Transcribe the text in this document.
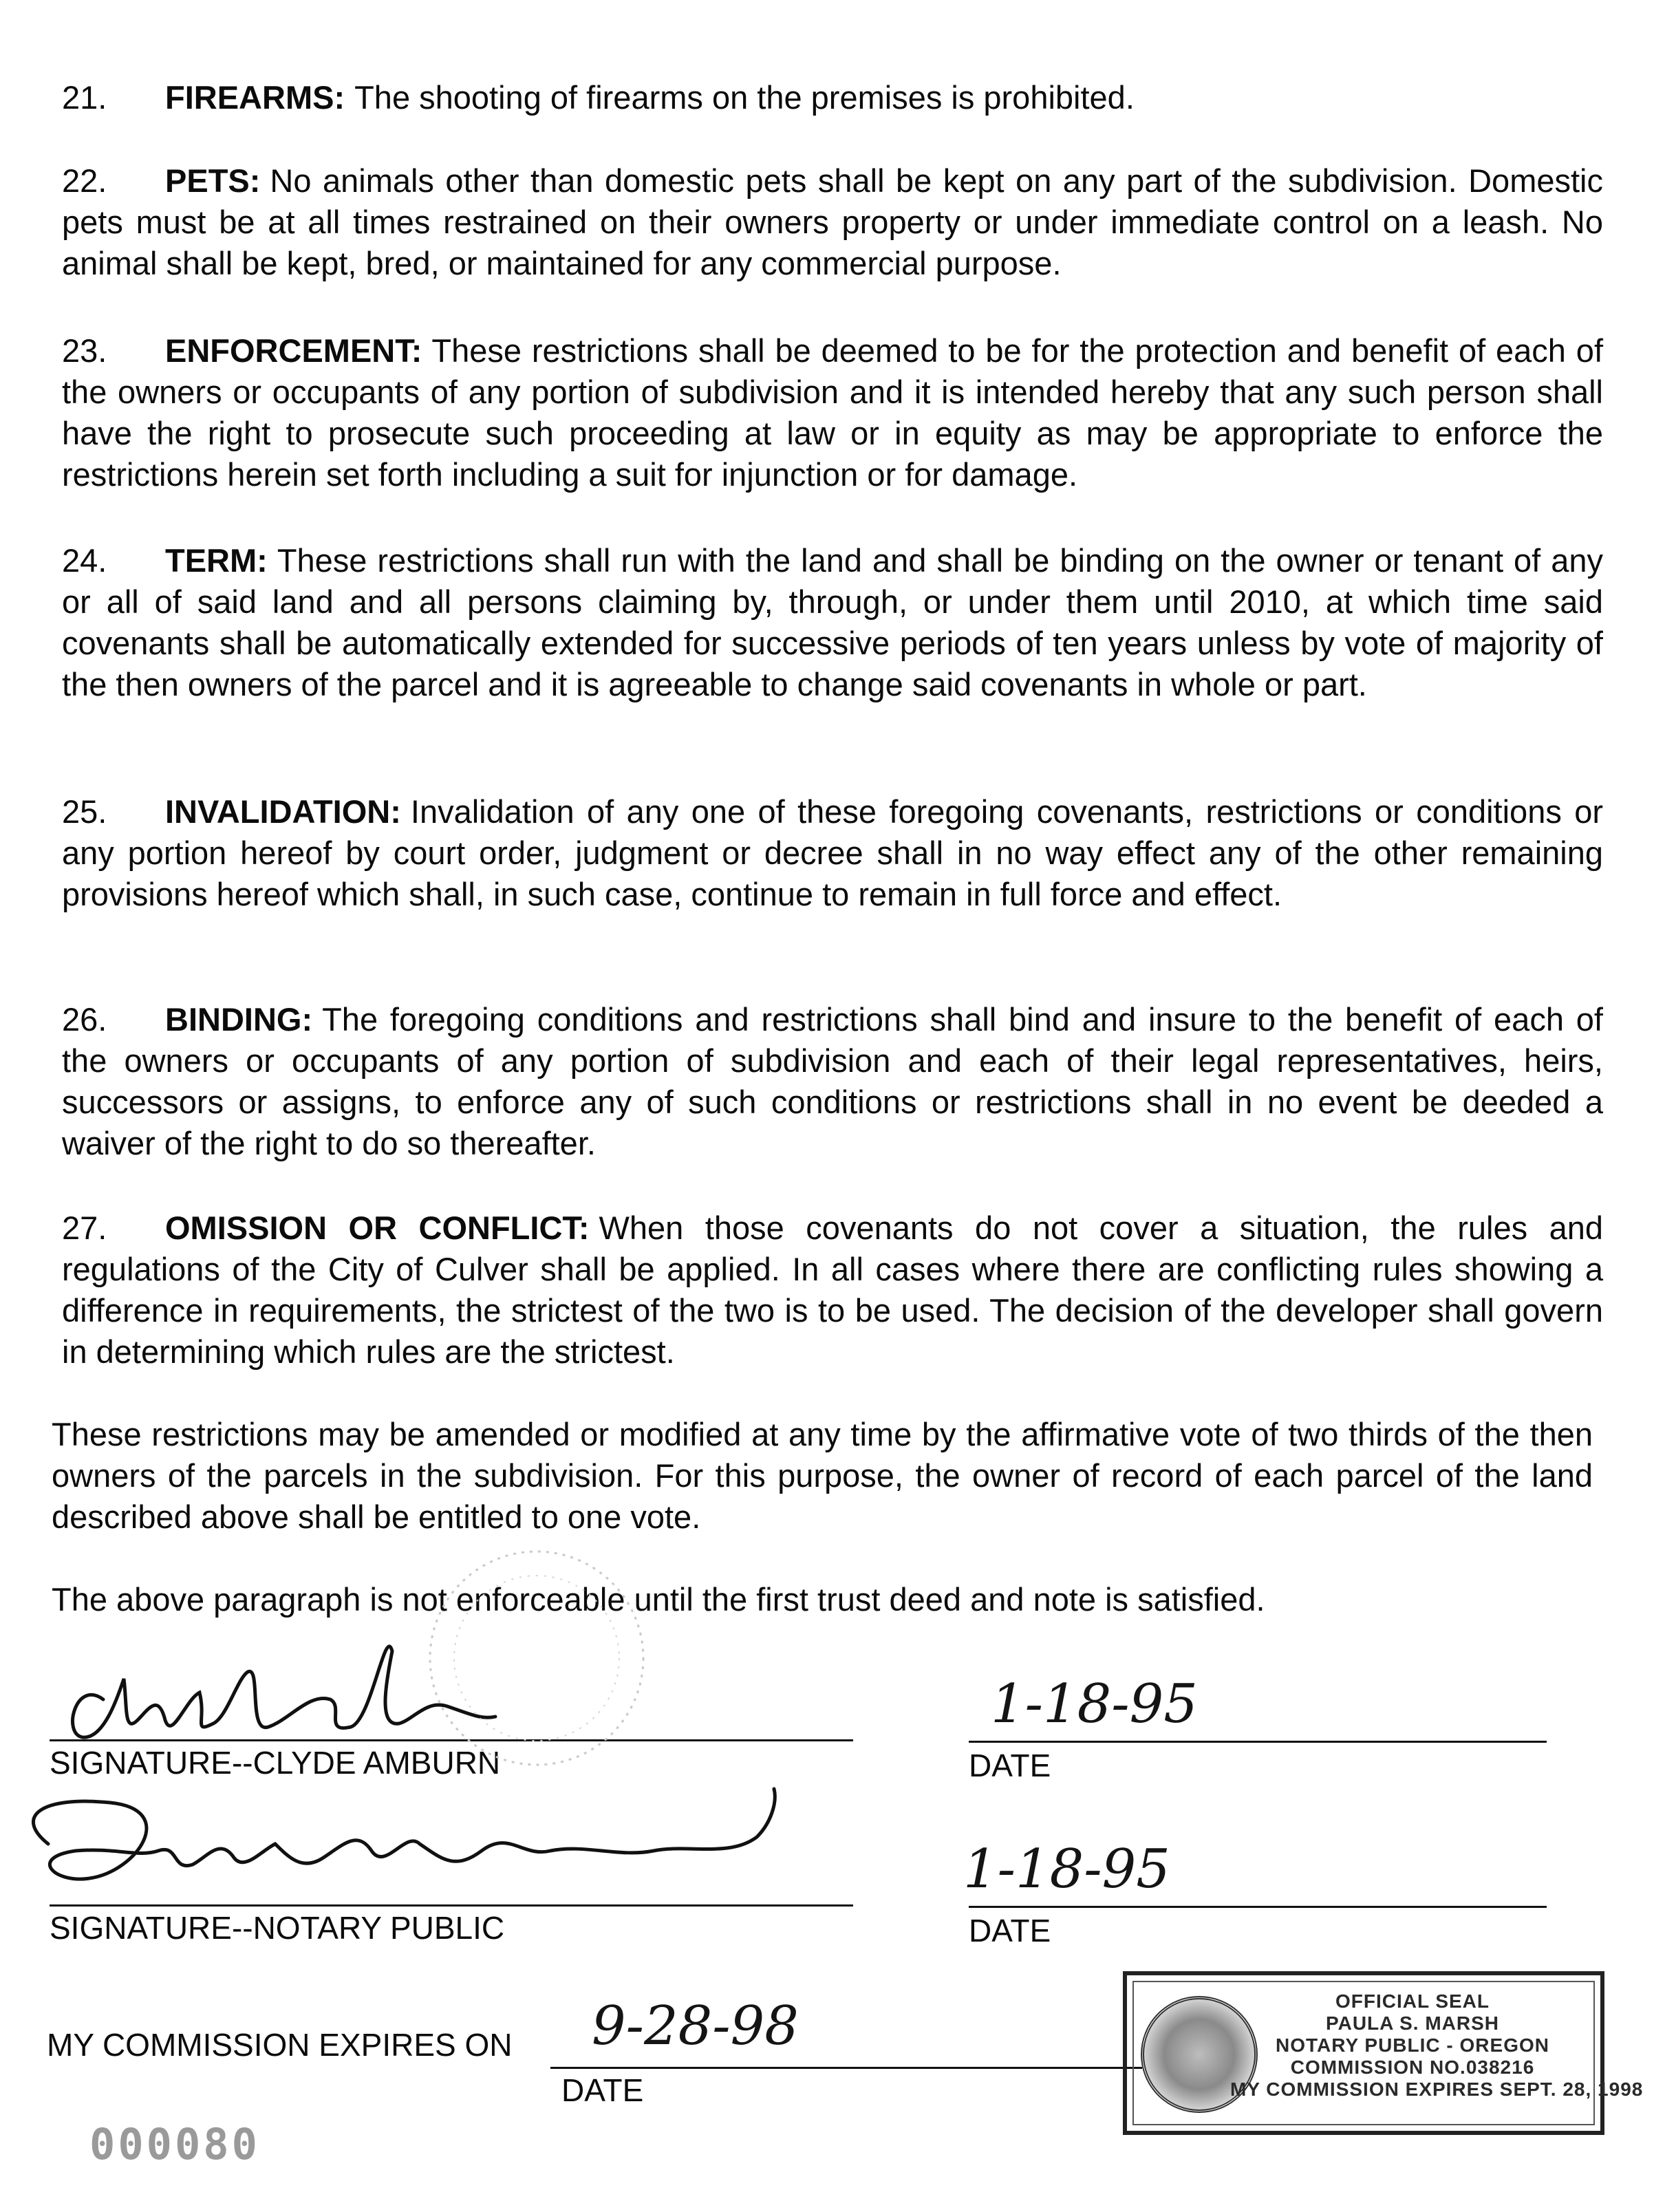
21. FIREARMS: The shooting of firearms on the premises is prohibited.

22. PETS: No animals other than domestic pets shall be kept on any part of the subdivision. Domestic pets must be at all times restrained on their owners property or under immediate control on a leash. No animal shall be kept, bred, or maintained for any commercial purpose.

23. ENFORCEMENT: These restrictions shall be deemed to be for the protection and benefit of each of the owners or occupants of any portion of subdivision and it is intended hereby that any such person shall have the right to prosecute such proceeding at law or in equity as may be appropriate to enforce the restrictions herein set forth including a suit for injunction or for damage.

24. TERM: These restrictions shall run with the land and shall be binding on the owner or tenant of any or all of said land and all persons claiming by, through, or under them until 2010, at which time said covenants shall be automatically extended for successive periods of ten years unless by vote of majority of the then owners of the parcel and it is agreeable to change said covenants in whole or part.

25. INVALIDATION: Invalidation of any one of these foregoing covenants, restrictions or conditions or any portion hereof by court order, judgment or decree shall in no way effect any of the other remaining provisions hereof which shall, in such case, continue to remain in full force and effect.

26. BINDING: The foregoing conditions and restrictions shall bind and insure to the benefit of each of the owners or occupants of any portion of subdivision and each of their legal representatives, heirs, successors or assigns, to enforce any of such conditions or restrictions shall in no event be deeded a waiver of the right to do so thereafter.

27. OMISSION OR CONFLICT: When those covenants do not cover a situation, the rules and regulations of the City of Culver shall be applied. In all cases where there are conflicting rules showing a difference in requirements, the strictest of the two is to be used. The decision of the developer shall govern in determining which rules are the strictest.

These restrictions may be amended or modified at any time by the affirmative vote of two thirds of the then owners of the parcels in the subdivision. For this purpose, the owner of record of each parcel of the land described above shall be entitled to one vote.

The above paragraph is not enforceable until the first trust deed and note is satisfied.

SIGNATURE--CLYDE AMBURN
1-18-95
DATE
SIGNATURE--NOTARY PUBLIC
1-18-95
DATE
MY COMMISSION EXPIRES ON 9-28-98
DATE
OFFICIAL SEAL
PAULA S. MARSH
NOTARY PUBLIC - OREGON
COMMISSION NO.038216
MY COMMISSION EXPIRES SEPT. 28, 1998
000080
